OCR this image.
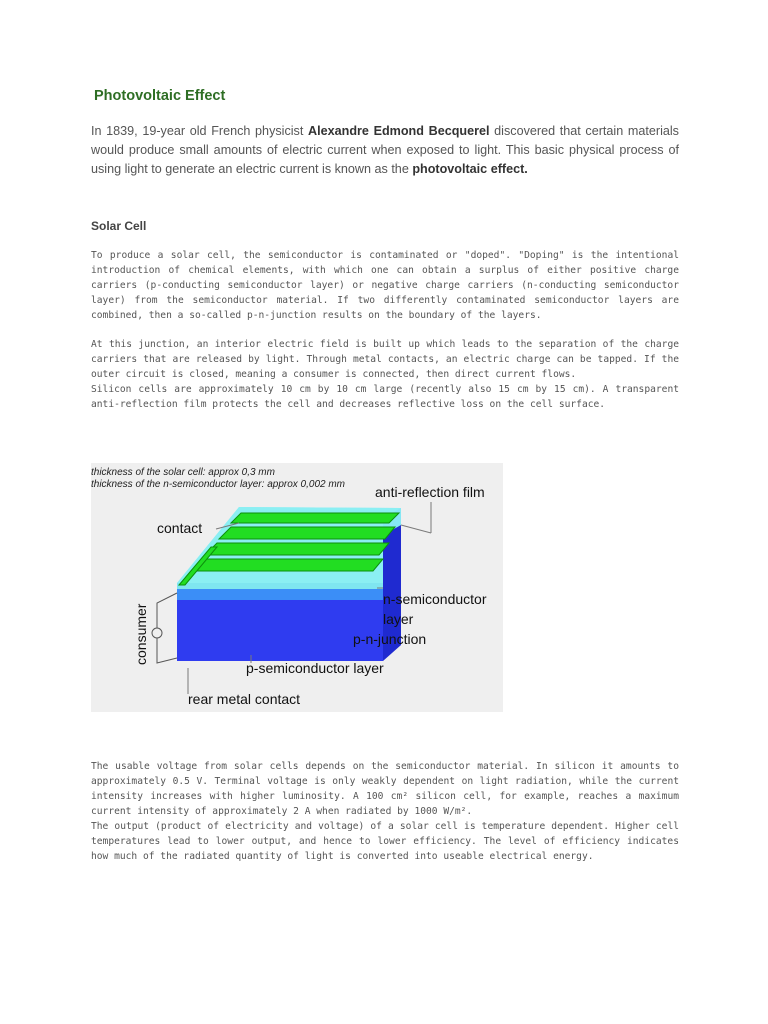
Photovoltaic Effect
In 1839, 19-year old French physicist Alexandre Edmond Becquerel discovered that certain materials would produce small amounts of electric current when exposed to light. This basic physical process of using light to generate an electric current is known as the photovoltaic effect.
Solar Cell

To produce a solar cell, the semiconductor is contaminated or "doped". "Doping" is the intentional introduction of chemical elements, with which one can obtain a surplus of either positive charge carriers (p-conducting semiconductor layer) or negative charge carriers (n-conducting semiconductor layer) from the semiconductor material. If two differently contaminated semiconductor layers are combined, then a so-called p-n-junction results on the boundary of the layers.

At this junction, an interior electric field is built up which leads to the separation of the charge carriers that are released by light. Through metal contacts, an electric charge can be tapped. If the outer circuit is closed, meaning a consumer is connected, then direct current flows.

Silicon cells are approximately 10 cm by 10 cm large (recently also 15 cm by 15 cm). A transparent anti-reflection film protects the cell and decreases reflective loss on the cell surface.

thickness of the solar cell: approx 0,3 mm
thickness of the n-semiconductor layer: approx 0,002 mm anti-reflection film
contact
n-semiconductor
layer
p-n-junction
p-semiconductor layer
rear metal contact
consumer

The usable voltage from solar cells depends on the semiconductor material. In silicon it amounts to approximately 0.5 V. Terminal voltage is only weakly dependent on light radiation, while the current intensity increases with higher luminosity. A 100 cm² silicon cell, for example, reaches a maximum current intensity of approximately 2 A when radiated by 1000 W/m².

The output (product of electricity and voltage) of a solar cell is temperature dependent. Higher cell temperatures lead to lower output, and hence to lower efficiency. The level of efficiency indicates how much of the radiated quantity of light is converted into useable electrical energy.
